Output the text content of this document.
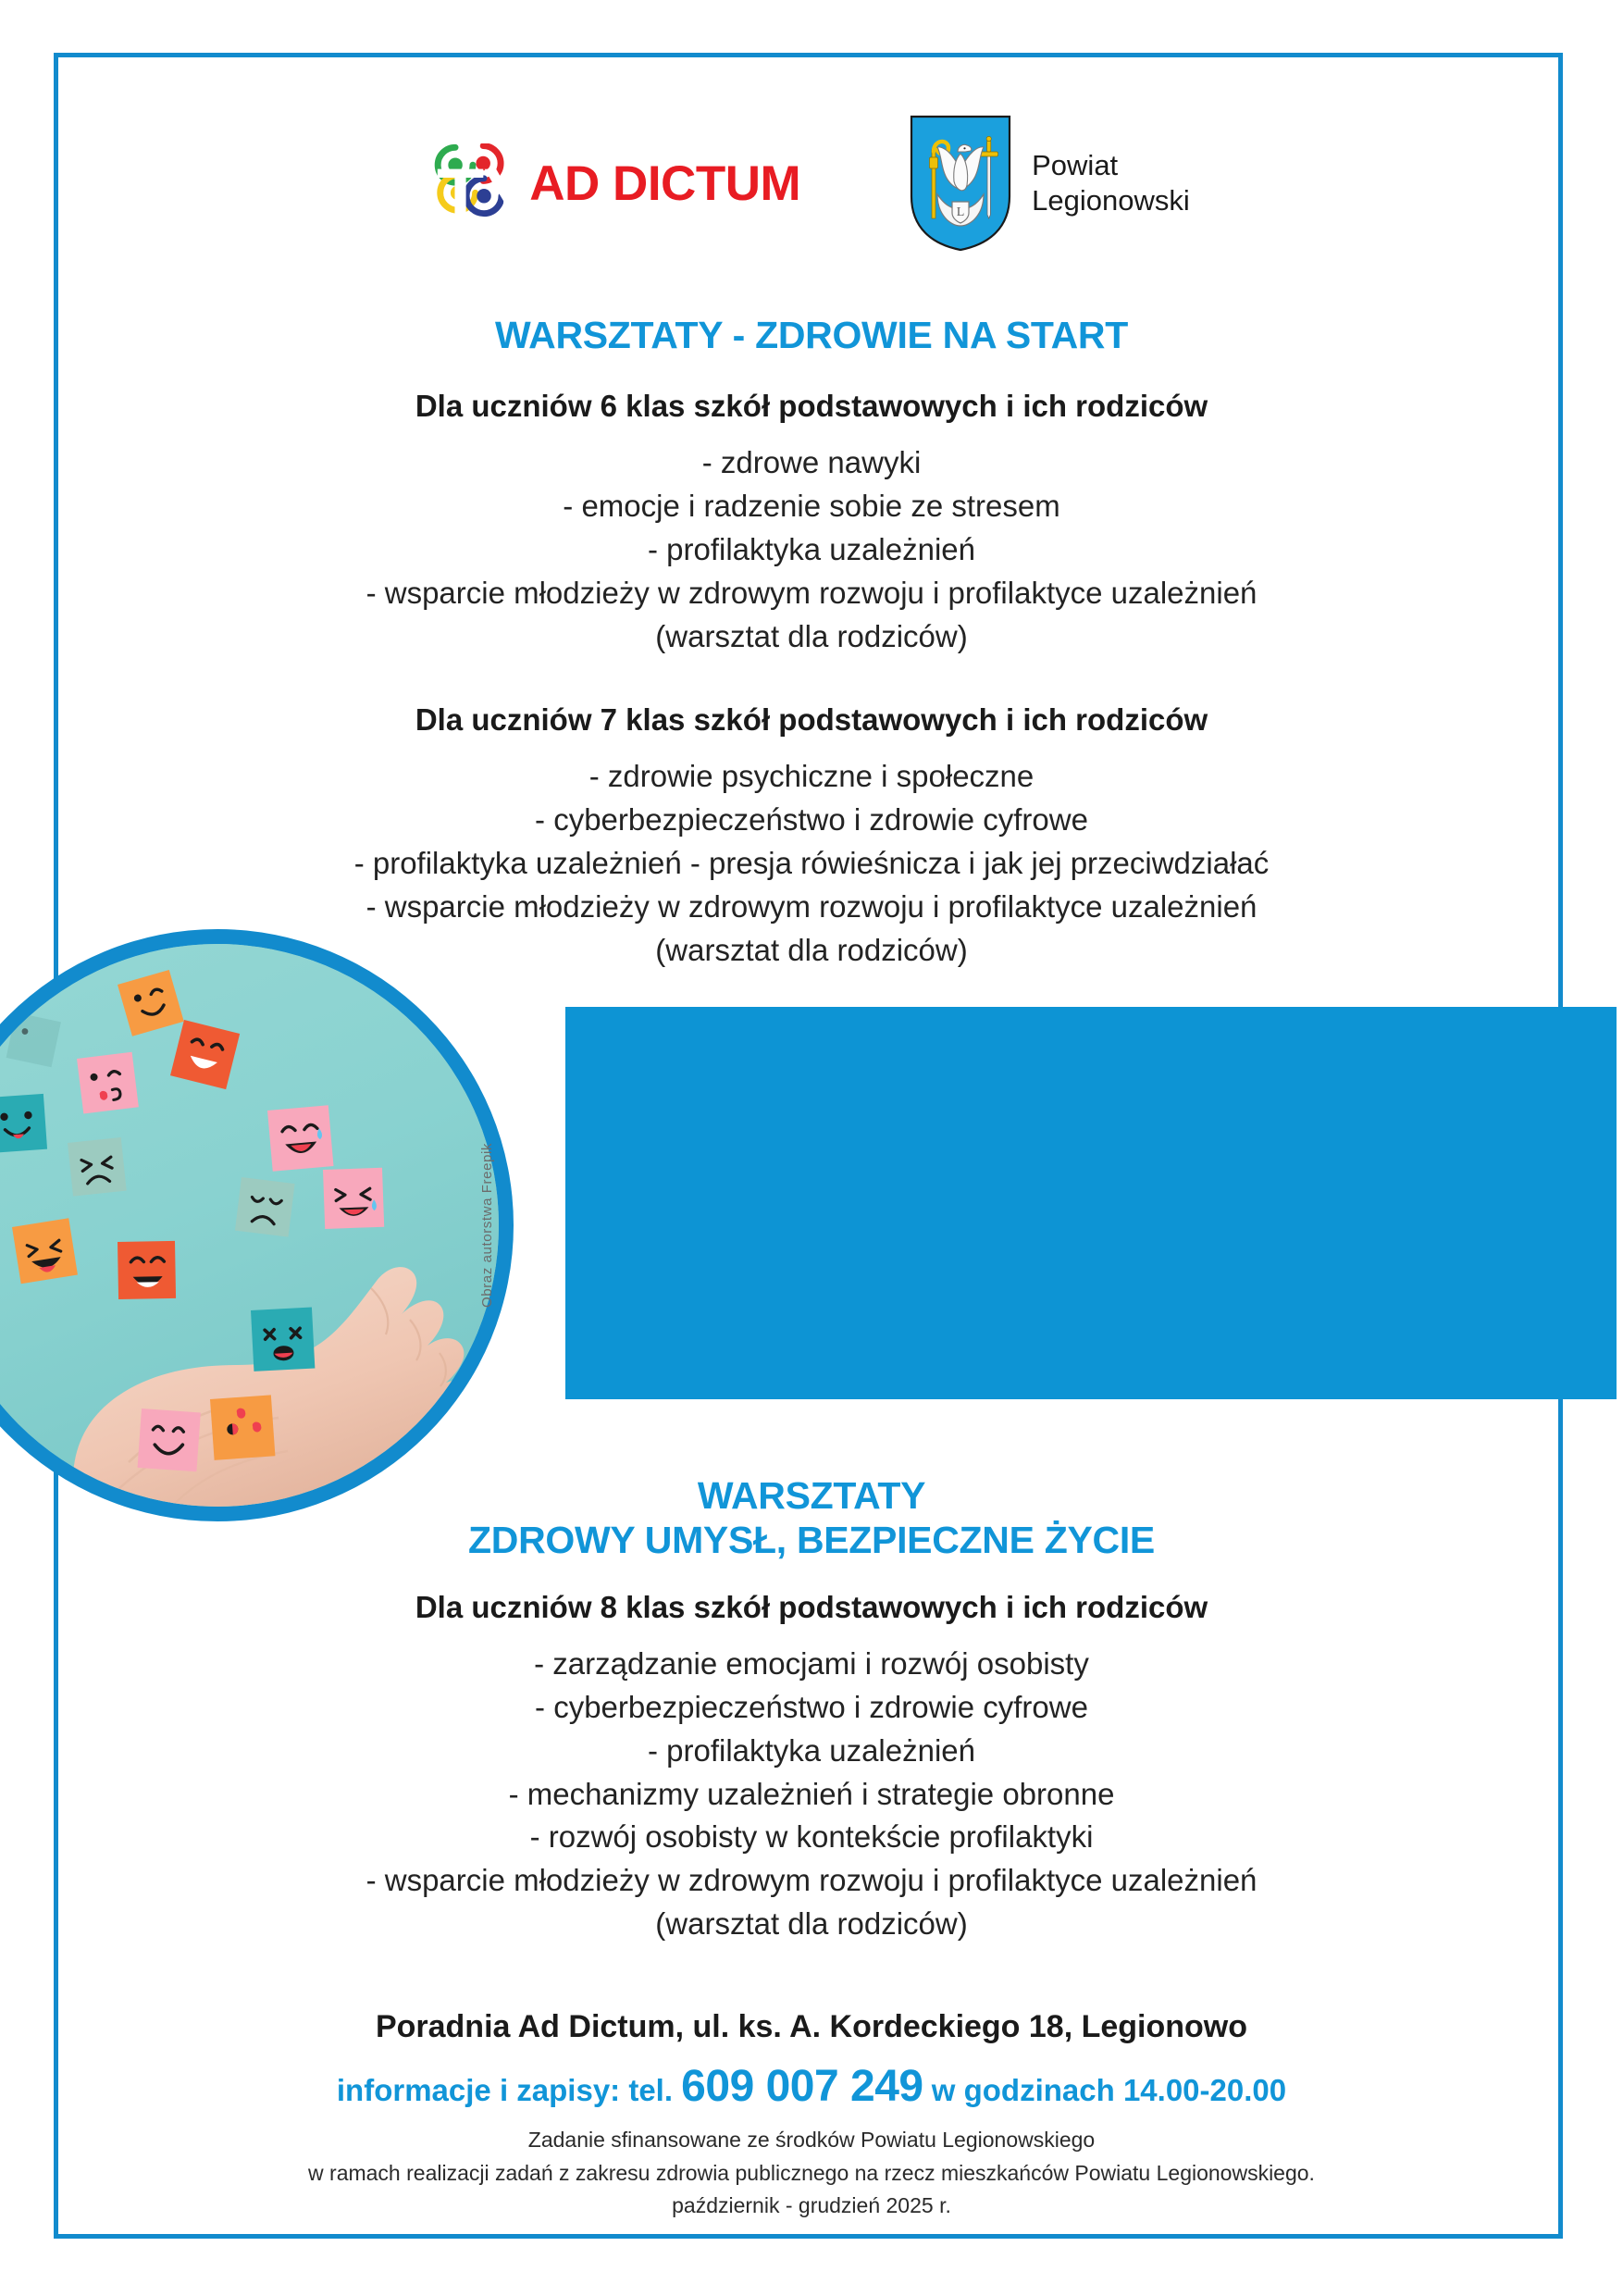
AD DICTUM
L
Powiat
Legionowski
WARSZTATY - ZDROWIE NA START
Dla uczniów 6 klas szkół podstawowych i ich rodziców
- zdrowe nawyki
- emocje i radzenie sobie ze stresem
- profilaktyka uzależnień
- wsparcie młodzieży w zdrowym rozwoju i profilaktyce uzależnień
(warsztat dla rodziców)
Dla uczniów 7 klas szkół podstawowych i ich rodziców
- zdrowie psychiczne i społeczne
- cyberbezpieczeństwo i zdrowie cyfrowe
- profilaktyka uzależnień - presja rówieśnicza i jak jej przeciwdziałać
- wsparcie młodzieży w zdrowym rozwoju i profilaktyce uzależnień
(warsztat dla rodziców)
BEZPŁATNE
WARSZTATY
PROFILAKTYCZNE
Obraz autorstwa Freepik
WARSZTATY
ZDROWY UMYSŁ, BEZPIECZNE ŻYCIE
Dla uczniów 8 klas szkół podstawowych i ich rodziców
- zarządzanie emocjami i rozwój osobisty
- cyberbezpieczeństwo i zdrowie cyfrowe
- profilaktyka uzależnień
- mechanizmy uzależnień i strategie obronne
- rozwój osobisty w kontekście profilaktyki
- wsparcie młodzieży w zdrowym rozwoju i profilaktyce uzależnień
(warsztat dla rodziców)
Poradnia Ad Dictum, ul. ks. A. Kordeckiego 18, Legionowo
informacje i zapisy: tel. 609 007 249 w godzinach 14.00-20.00
Zadanie sfinansowane ze środków Powiatu Legionowskiego
w ramach realizacji zadań z zakresu zdrowia publicznego na rzecz mieszkańców Powiatu Legionowskiego.
październik - grudzień 2025 r.
